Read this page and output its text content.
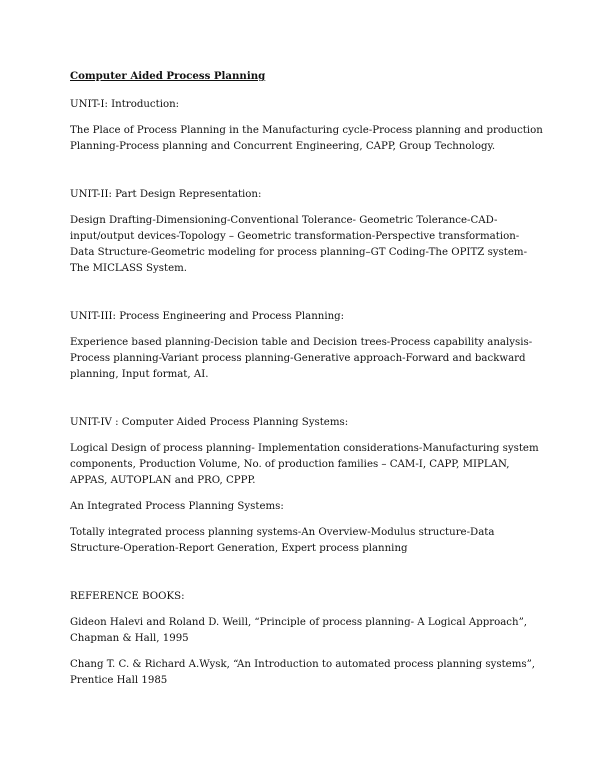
Computer Aided Process Planning
UNIT-I: Introduction:
The Place of Process Planning in the Manufacturing cycle-Process planning and production
Planning-Process planning and Concurrent Engineering, CAPP, Group Technology.
UNIT-II: Part Design Representation:
Design Drafting-Dimensioning-Conventional Tolerance- Geometric Tolerance-CAD-
input/output devices-Topology – Geometric transformation-Perspective transformation-
Data Structure-Geometric modeling for process planning–GT Coding-The OPITZ system-
The MICLASS System.
UNIT-III: Process Engineering and Process Planning:
Experience based planning-Decision table and Decision trees-Process capability analysis-
Process planning-Variant process planning-Generative approach-Forward and backward
planning, Input format, AI.
UNIT-IV : Computer Aided Process Planning Systems:
Logical Design of process planning- Implementation considerations-Manufacturing system
components, Production Volume, No. of production families – CAM-I, CAPP, MIPLAN,
APPAS, AUTOPLAN and PRO, CPPP.
An Integrated Process Planning Systems:
Totally integrated process planning systems-An Overview-Modulus structure-Data
Structure-Operation-Report Generation, Expert process planning
REFERENCE BOOKS:
Gideon Halevi and Roland D. Weill, “Principle of process planning- A Logical Approach”,
Chapman & Hall, 1995
Chang T. C. & Richard A.Wysk, “An Introduction to automated process planning systems”,
Prentice Hall 1985
